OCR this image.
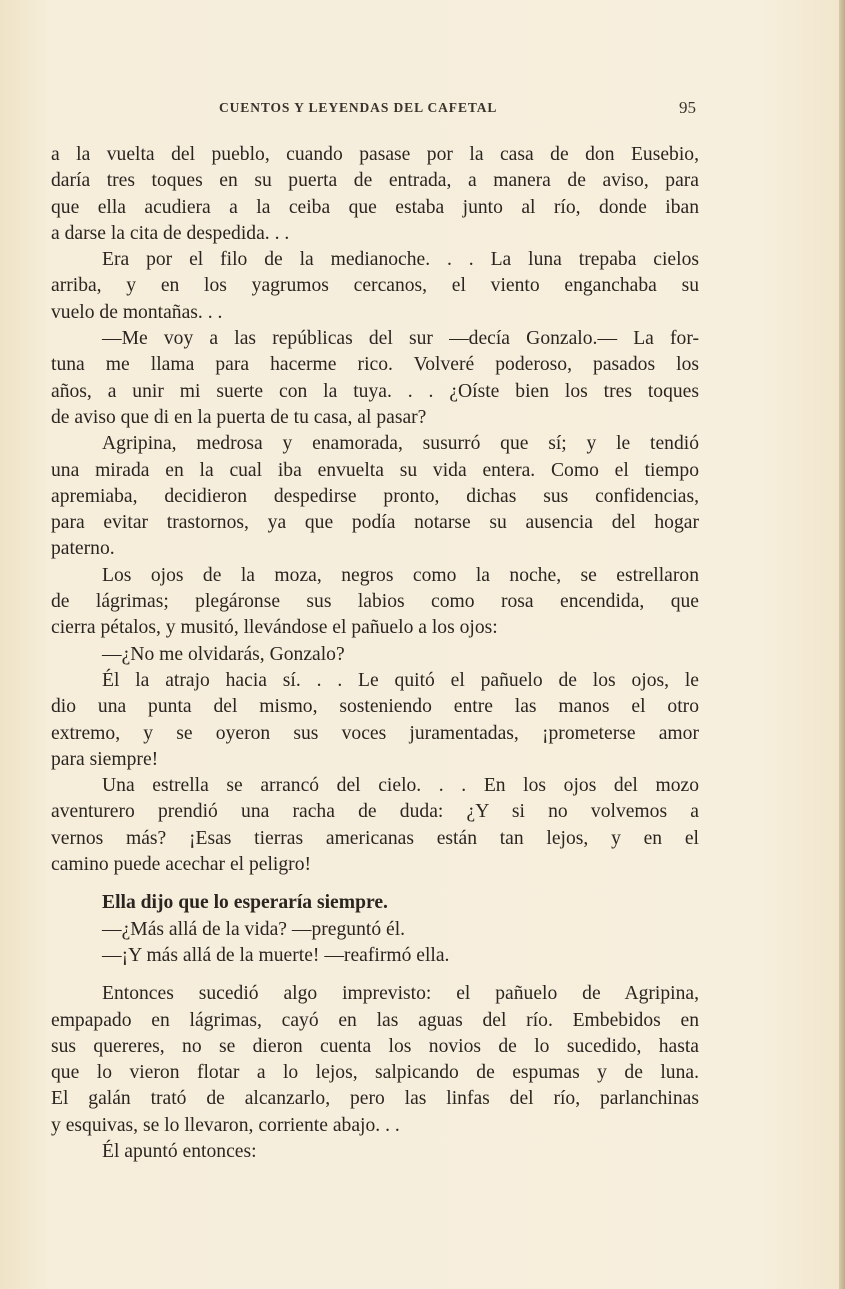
CUENTOS Y LEYENDAS DEL CAFETAL	95
a la vuelta del pueblo, cuando pasase por la casa de don Eusebio,
daría tres toques en su puerta de entrada, a manera de aviso, para
que ella acudiera a la ceiba que estaba junto al río, donde iban
a darse la cita de despedida. . .
Era por el filo de la medianoche. . . La luna trepaba cielos
arriba, y en los yagrumos cercanos, el viento enganchaba su
vuelo de montañas. . .
—Me voy a las repúblicas del sur —decía Gonzalo.— La for-
tuna me llama para hacerme rico. Volveré poderoso, pasados los
años, a unir mi suerte con la tuya. . . ¿Oíste bien los tres toques
de aviso que di en la puerta de tu casa, al pasar?
Agripina, medrosa y enamorada, susurró que sí; y le tendió
una mirada en la cual iba envuelta su vida entera. Como el tiempo
apremiaba, decidieron despedirse pronto, dichas sus confidencias,
para evitar trastornos, ya que podía notarse su ausencia del hogar
paterno.
Los ojos de la moza, negros como la noche, se estrellaron
de lágrimas; plegáronse sus labios como rosa encendida, que
cierra pétalos, y musitó, llevándose el pañuelo a los ojos:
—¿No me olvidarás, Gonzalo?
Él la atrajo hacia sí. . . Le quitó el pañuelo de los ojos, le
dio una punta del mismo, sosteniendo entre las manos el otro
extremo, y se oyeron sus voces juramentadas, ¡prometerse amor
para siempre!
Una estrella se arrancó del cielo. . . En los ojos del mozo
aventurero prendió una racha de duda: ¿Y si no volvemos a
vernos más? ¡Esas tierras americanas están tan lejos, y en el
camino puede acechar el peligro!
Ella dijo que lo esperaría siempre.
—¿Más allá de la vida? —preguntó él.
—¡Y más allá de la muerte! —reafirmó ella.
Entonces sucedió algo imprevisto: el pañuelo de Agripina,
empapado en lágrimas, cayó en las aguas del río. Embebidos en
sus quereres, no se dieron cuenta los novios de lo sucedido, hasta
que lo vieron flotar a lo lejos, salpicando de espumas y de luna.
El galán trató de alcanzarlo, pero las linfas del río, parlanchinas
y esquivas, se lo llevaron, corriente abajo. . .
Él apuntó entonces:
